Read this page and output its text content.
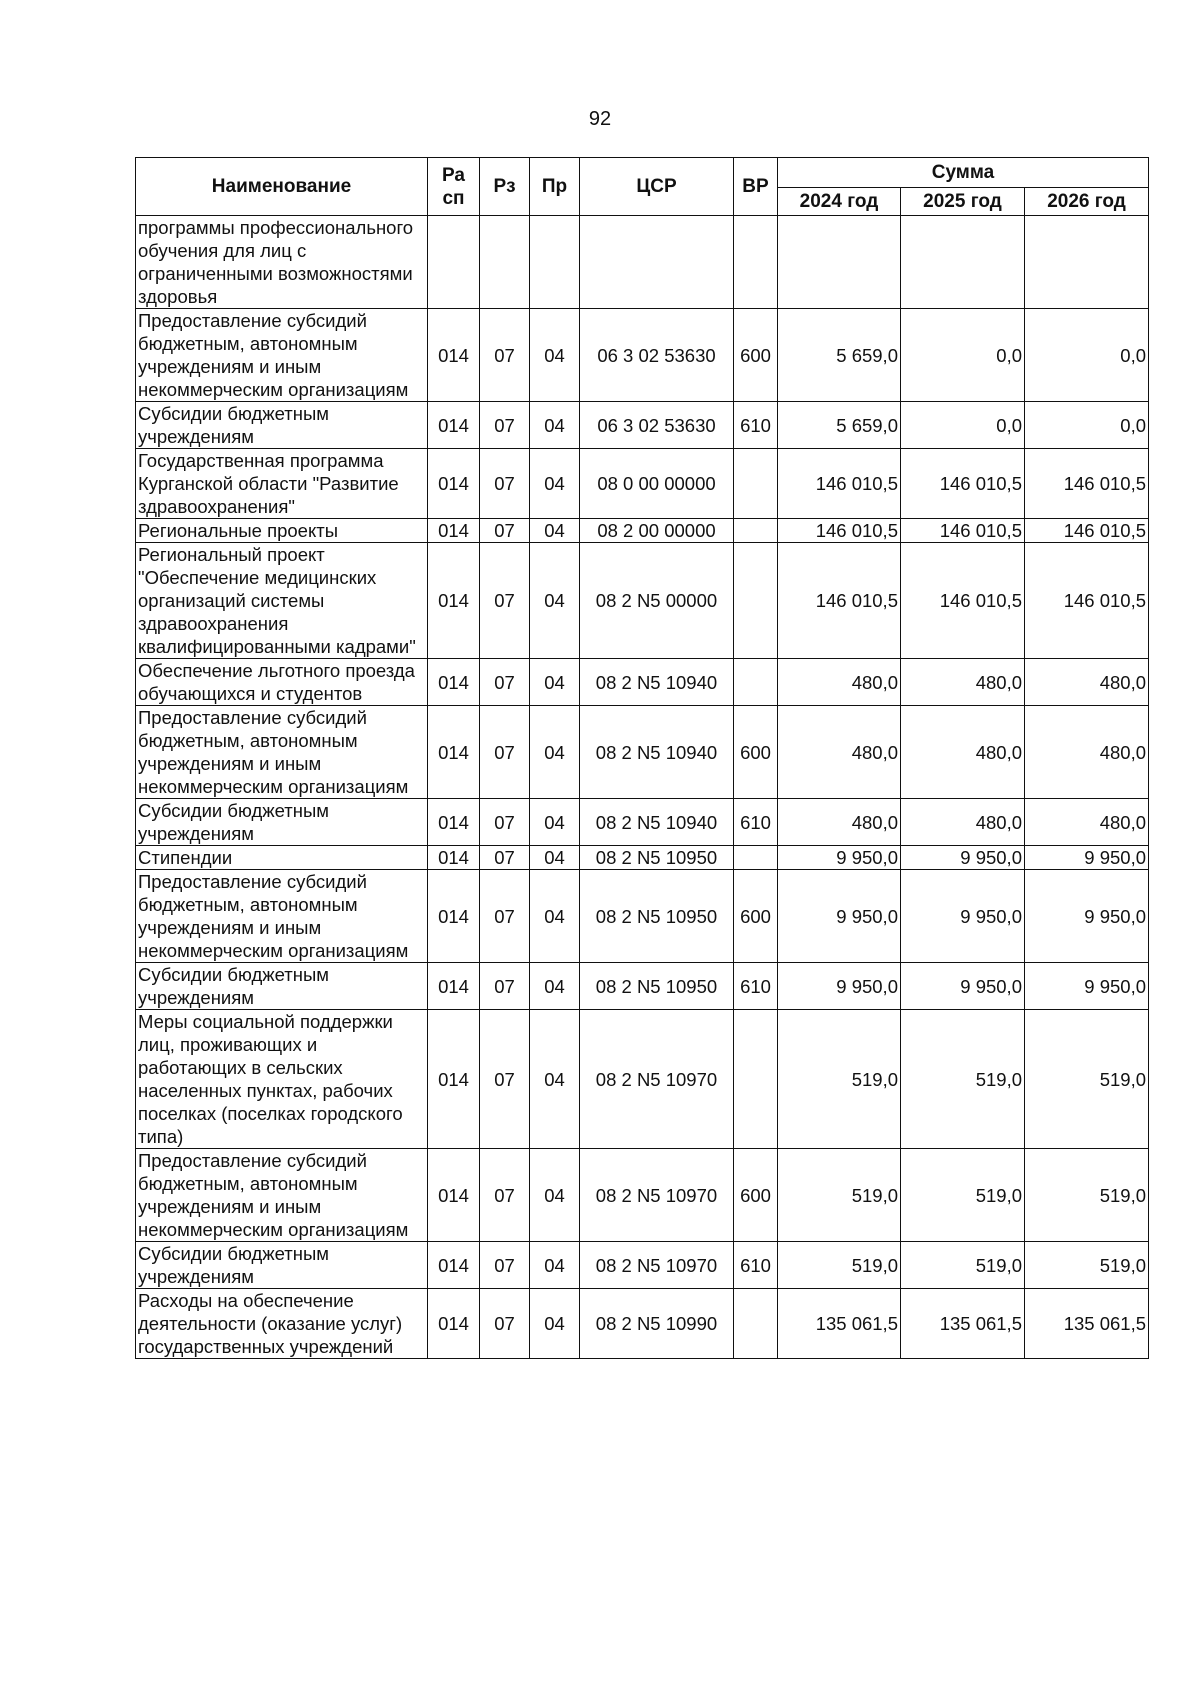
92
Наименование	Ра сп	Рз	Пр	ЦСР	ВР	Сумма		
						2024 год	2025 год	2026 год
программы профессионального обучения для лиц с ограниченными возможностями здоровья								
Предоставление субсидий бюджетным, автономным учреждениям и иным некоммерческим организациям	014	07	04	06 3 02 53630	600	5 659,0	0,0	0,0
Субсидии бюджетным учреждениям	014	07	04	06 3 02 53630	610	5 659,0	0,0	0,0
Государственная программа Курганской области "Развитие здравоохранения"	014	07	04	08 0 00 00000		146 010,5	146 010,5	146 010,5
Региональные проекты	014	07	04	08 2 00 00000		146 010,5	146 010,5	146 010,5
Региональный проект "Обеспечение медицинских организаций системы здравоохранения квалифицированными кадрами"	014	07	04	08 2 N5 00000		146 010,5	146 010,5	146 010,5
Обеспечение льготного проезда обучающихся и студентов	014	07	04	08 2 N5 10940		480,0	480,0	480,0
Предоставление субсидий бюджетным, автономным учреждениям и иным некоммерческим организациям	014	07	04	08 2 N5 10940	600	480,0	480,0	480,0
Субсидии бюджетным учреждениям	014	07	04	08 2 N5 10940	610	480,0	480,0	480,0
Стипендии	014	07	04	08 2 N5 10950		9 950,0	9 950,0	9 950,0
Предоставление субсидий бюджетным, автономным учреждениям и иным некоммерческим организациям	014	07	04	08 2 N5 10950	600	9 950,0	9 950,0	9 950,0
Субсидии бюджетным учреждениям	014	07	04	08 2 N5 10950	610	9 950,0	9 950,0	9 950,0
Меры социальной поддержки лиц, проживающих и работающих в сельских населенных пунктах, рабочих поселках (поселках городского типа)	014	07	04	08 2 N5 10970		519,0	519,0	519,0
Предоставление субсидий бюджетным, автономным учреждениям и иным некоммерческим организациям	014	07	04	08 2 N5 10970	600	519,0	519,0	519,0
Субсидии бюджетным учреждениям	014	07	04	08 2 N5 10970	610	519,0	519,0	519,0
Расходы на обеспечение деятельности (оказание услуг) государственных учреждений	014	07	04	08 2 N5 10990		135 061,5	135 061,5	135 061,5
